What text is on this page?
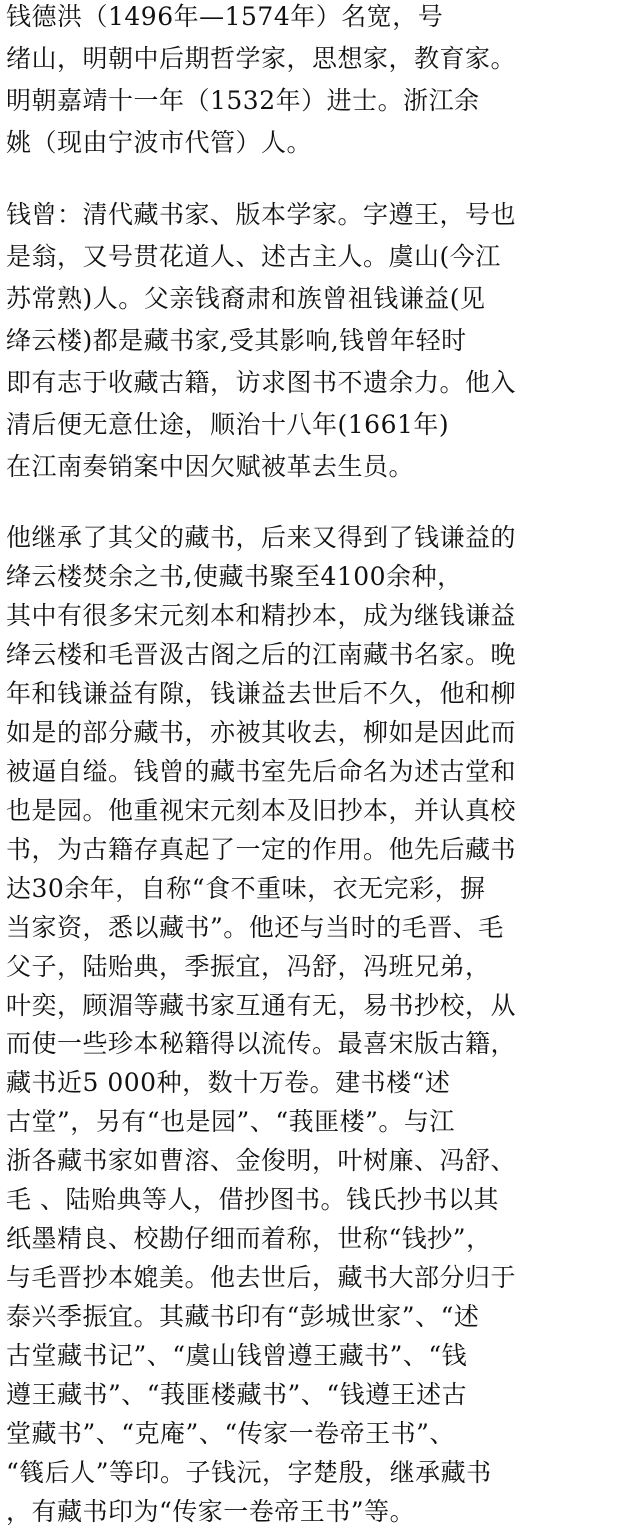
钱德洪（1496年—1574年）名宽，号
绪山，明朝中后期哲学家，思想家，教育家。
明朝嘉靖十一年（1532年）进士。浙江余
姚（现由宁波市代管）人。
钱曾：清代藏书家、版本学家。字遵王，号也
是翁，又号贯花道人、述古主人。虞山(今江
苏常熟)人。父亲钱裔肃和族曾祖钱谦益(见
绛云楼)都是藏书家,受其影响,钱曾年轻时
即有志于收藏古籍，访求图书不遗余力。他入
清后便无意仕途，顺治十八年(1661年)
在江南奏销案中因欠赋被革去生员。
他继承了其父的藏书，后来又得到了钱谦益的
绛云楼焚余之书,使藏书聚至4100余种，
其中有很多宋元刻本和精抄本，成为继钱谦益
绛云楼和毛晋汲古阁之后的江南藏书名家。晚
年和钱谦益有隙，钱谦益去世后不久，他和柳
如是的部分藏书，亦被其收去，柳如是因此而
被逼自缢。钱曾的藏书室先后命名为述古堂和
也是园。他重视宋元刻本及旧抄本，并认真校
书，为古籍存真起了一定的作用。他先后藏书
达30余年，自称“食不重味，衣无完彩，摒
当家资，悉以藏书”。他还与当时的毛晋、毛
父子，陆贻典，季振宜，冯舒，冯班兄弟，
叶奕，顾湄等藏书家互通有无，易书抄校，从
而使一些珍本秘籍得以流传。最喜宋版古籍，
藏书近5 000种，数十万卷。建书楼“述
古堂”，另有“也是园”、“莪匪楼”。与江
浙各藏书家如曹溶、金俊明，叶树廉、冯舒、
毛 、陆贻典等人，借抄图书。钱氏抄书以其
纸墨精良、校勘仔细而着称，世称“钱抄”，
与毛晋抄本媲美。他去世后，藏书大部分归于
泰兴季振宜。其藏书印有“彭城世家”、“述
古堂藏书记”、“虞山钱曾遵王藏书”、“钱
遵王藏书”、“莪匪楼藏书”、“钱遵王述古
堂藏书”、“克庵”、“传家一卷帝王书”、
“篯后人”等印。子钱沅，字楚殷，继承藏书
，有藏书印为“传家一卷帝王书”等。
